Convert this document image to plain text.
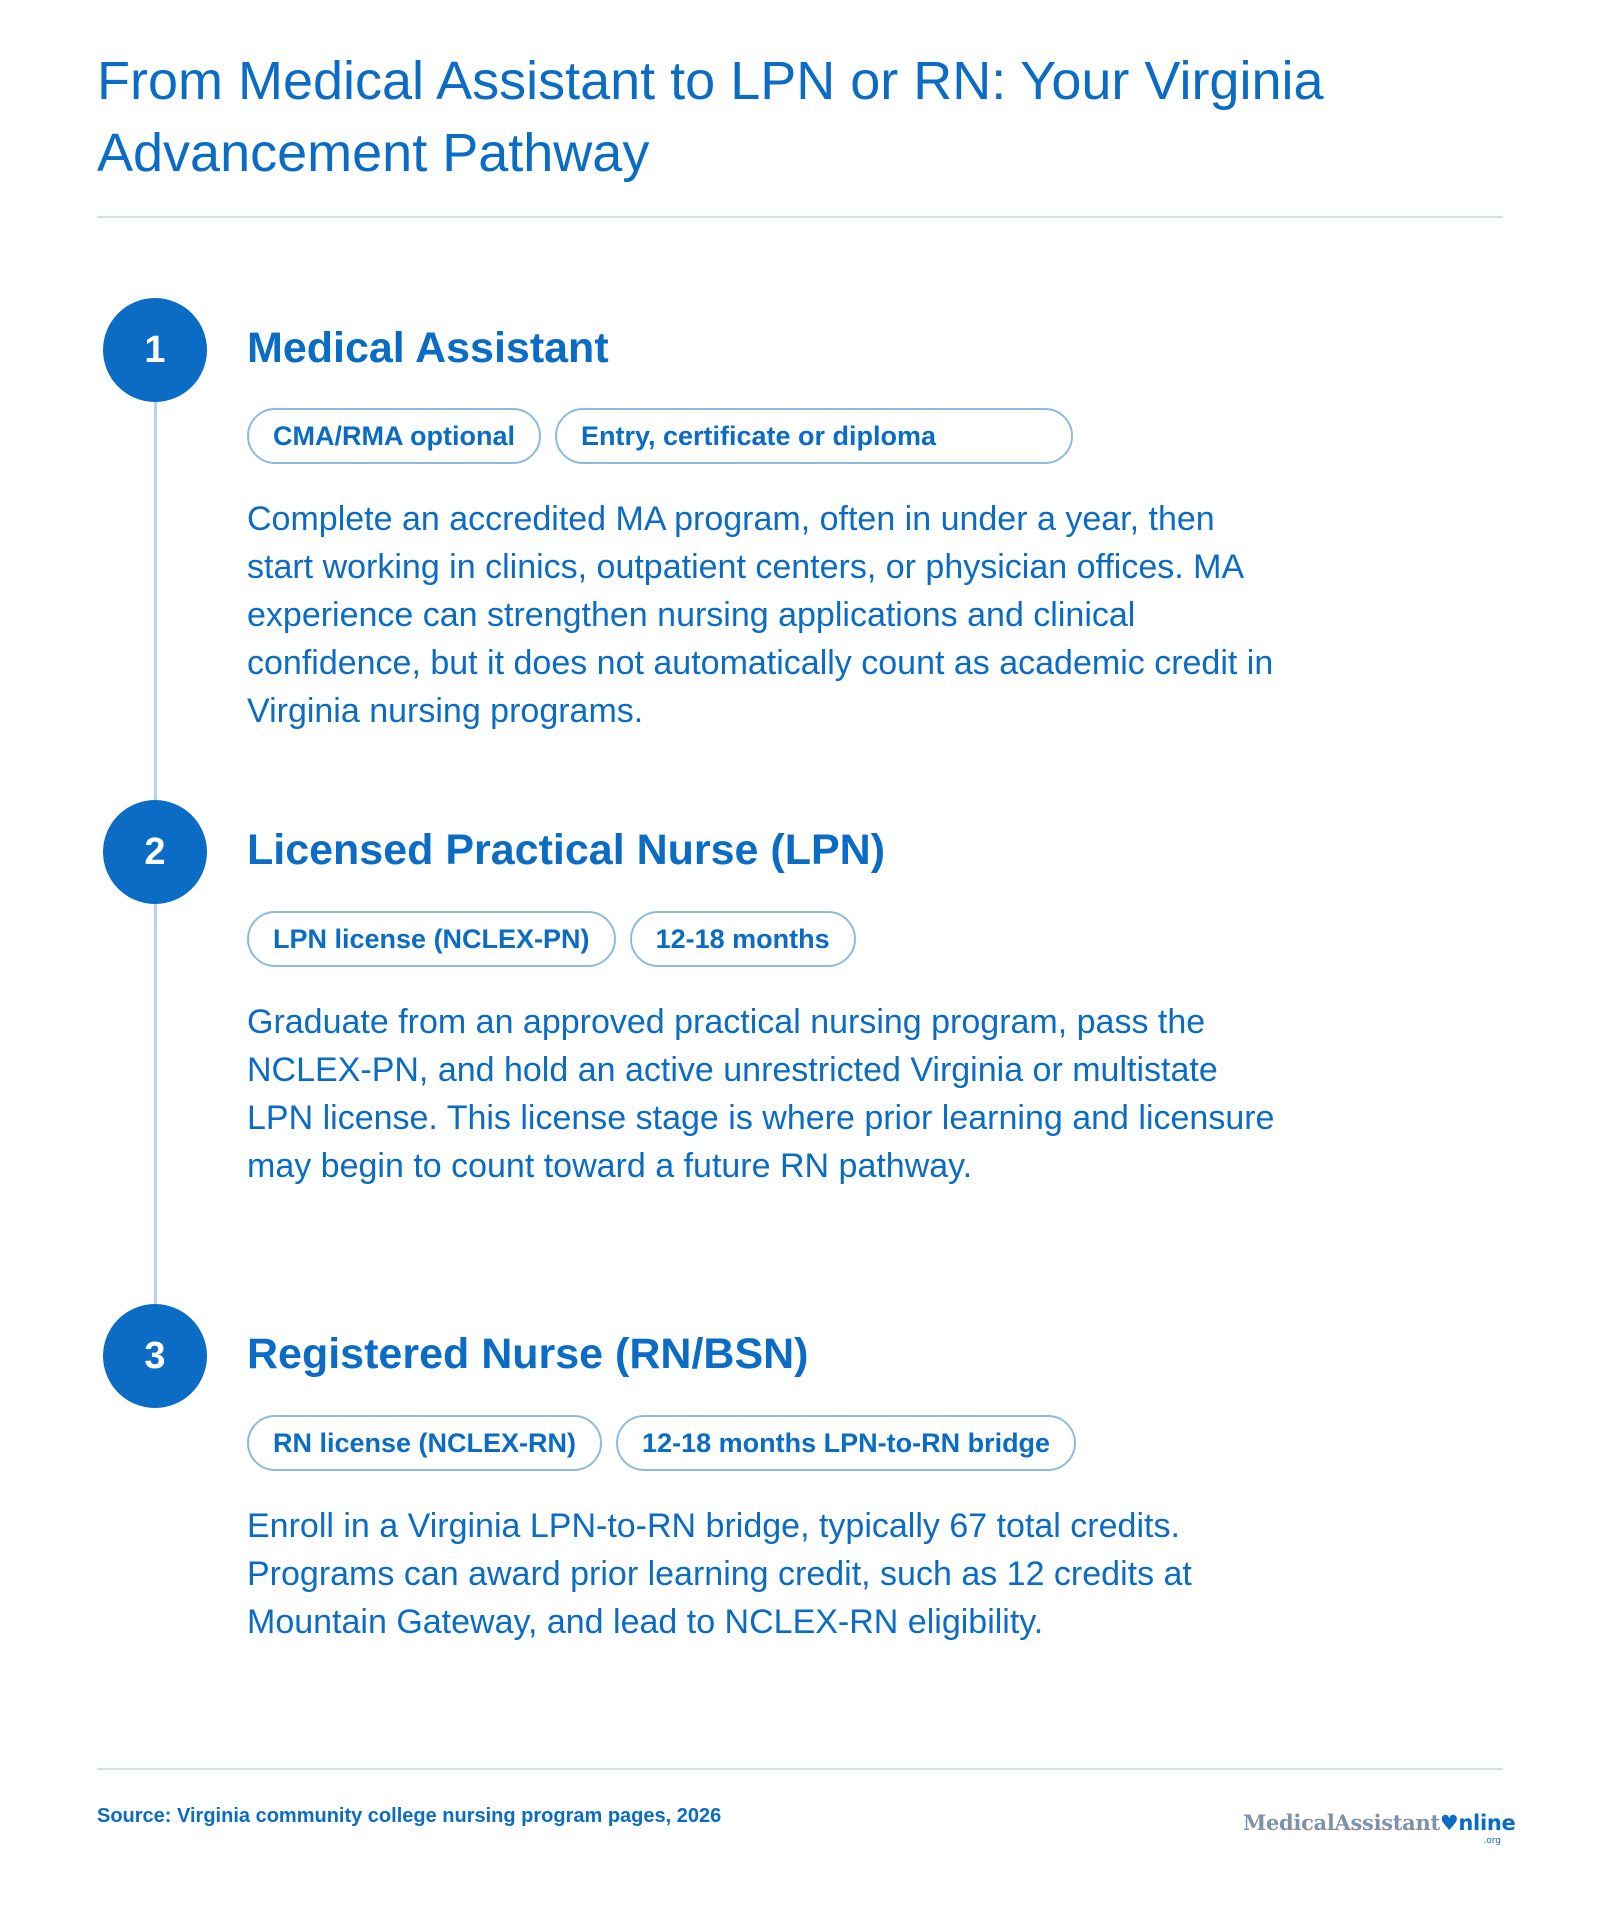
From Medical Assistant to LPN or RN: Your Virginia Advancement Pathway
1	Medical Assistant
CMA/RMA optional	Entry, certificate or diploma

Complete an accredited MA program, often in under a year, then start working in clinics, outpatient centers, or physician offices. MA experience can strengthen nursing applications and clinical confidence, but it does not automatically count as academic credit in Virginia nursing programs.

2	Licensed Practical Nurse (LPN)
LPN license (NCLEX-PN)	12-18 months

Graduate from an approved practical nursing program, pass the NCLEX-PN, and hold an active unrestricted Virginia or multistate LPN license. This license stage is where prior learning and licensure may begin to count toward a future RN pathway.

3	Registered Nurse (RN/BSN)
RN license (NCLEX-RN)	12-18 months LPN-to-RN bridge

Enroll in a Virginia LPN-to-RN bridge, typically 67 total credits. Programs can award prior learning credit, such as 12 credits at Mountain Gateway, and lead to NCLEX-RN eligibility.

Source: Virginia community college nursing program pages, 2026	MedicalAssistant♥nline
.org
